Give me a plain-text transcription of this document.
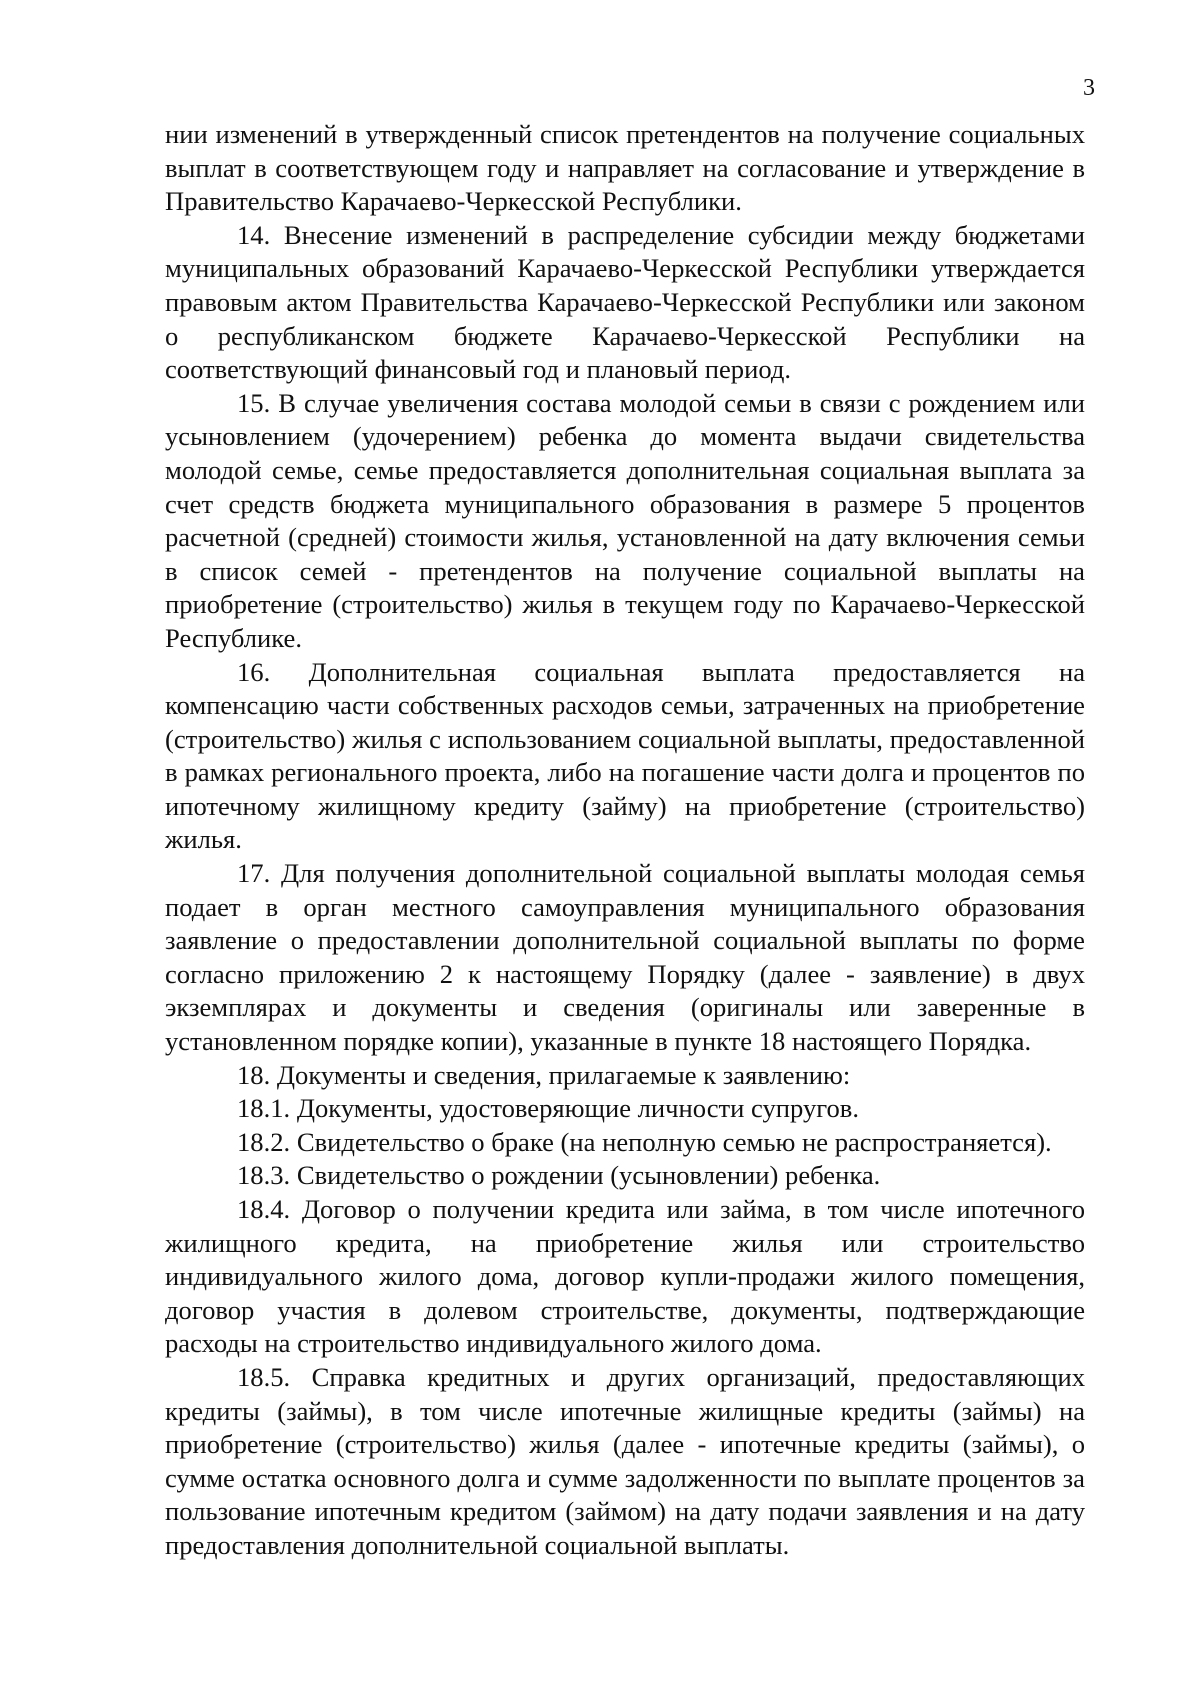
3

нии изменений в утвержденный список претендентов на получение социальных выплат в соответствующем году и направляет на согласование и утверждение в Правительство Карачаево-Черкесской Республики.

14. Внесение изменений в распределение субсидии между бюджетами муниципальных образований Карачаево-Черкесской Республики утверждается правовым актом Правительства Карачаево-Черкесской Республики или законом о республиканском бюджете Карачаево-Черкесской Республики на соответствующий финансовый год и плановый период.

15. В случае увеличения состава молодой семьи в связи с рождением или усыновлением (удочерением) ребенка до момента выдачи свидетельства молодой семье, семье предоставляется дополнительная социальная выплата за счет средств бюджета муниципального образования в размере 5 процентов расчетной (средней) стоимости жилья, установленной на дату включения семьи в список семей - претендентов на получение социальной выплаты на приобретение (строительство) жилья в текущем году по Карачаево-Черкесской Республике.

16. Дополнительная социальная выплата предоставляется на компенсацию части собственных расходов семьи, затраченных на приобретение (строительство) жилья с использованием социальной выплаты, предоставленной в рамках регионального проекта, либо на погашение части долга и процентов по ипотечному жилищному кредиту (займу) на приобретение (строительство) жилья.

17. Для получения дополнительной социальной выплаты молодая семья подает в орган местного самоуправления муниципального образования заявление о предоставлении дополнительной социальной выплаты по форме согласно приложению 2 к настоящему Порядку (далее - заявление) в двух экземплярах и документы и сведения (оригиналы или заверенные в установленном порядке копии), указанные в пункте 18 настоящего Порядка.

18. Документы и сведения, прилагаемые к заявлению:

18.1. Документы, удостоверяющие личности супругов.

18.2. Свидетельство о браке (на неполную семью не распространяется).

18.3. Свидетельство о рождении (усыновлении) ребенка.

18.4. Договор о получении кредита или займа, в том числе ипотечного жилищного кредита, на приобретение жилья или строительство индивидуального жилого дома, договор купли-продажи жилого помещения, договор участия в долевом строительстве, документы, подтверждающие расходы на строительство индивидуального жилого дома.

18.5. Справка кредитных и других организаций, предоставляющих кредиты (займы), в том числе ипотечные жилищные кредиты (займы) на приобретение (строительство) жилья (далее - ипотечные кредиты (займы), о сумме остатка основного долга и сумме задолженности по выплате процентов за пользование ипотечным кредитом (займом) на дату подачи заявления и на дату предоставления дополнительной социальной выплаты.
